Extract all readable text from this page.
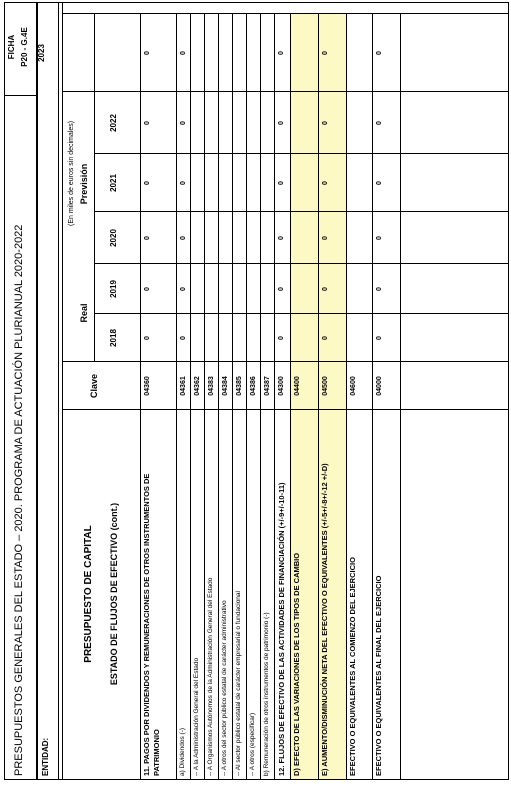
PRESUPUESTOS GENERALES DEL ESTADO – 2020. PROGRAMA DE ACTUACIÓN PLURIANUAL 2020-2022
FICHA P20 - G.4E
ENTIDAD:
(En miles de euros sin decimales)
PRESUPUESTO DE CAPITAL ESTADO DE FLUJOS DE EFECTIVO (cont.)
Clave
Real
Previsión
2018
2019
2020
2021
2022
2023
11. PAGOS POR DIVIDENDOS Y REMUNERACIONES DE OTROS INSTRUMENTOS DE PATRIMONIO
04360
0
0
0
0
0
0
a) Dividendos (-)
04361
0
0
0
0
0
0
-- A la Administración General del Estado
04362
-- A Organismos Autónomos de la Administración General del Estado
04383
-- A otros del sector público estatal de carácter administrativo
04384
-- Al sector público estatal de carácter empresarial o fundacional
04385
-- A otros (especificar)
04386
b) Remuneración de otros instrumentos de patrimonio (-)
04387
12. FLUJOS DE EFECTIVO DE LAS ACTIVIDADES DE FINANCIACIÓN (+/-9+/-10-11)
04300
0
0
0
0
0
0
D) EFECTO DE LAS VARIACIONES DE LOS TIPOS DE CAMBIO
04400
E) AUMENTO/DISMINUCIÓN NETA DEL EFECTIVO O EQUIVALENTES (+/-5+/-8+/-12 +/-D)
04500
0
0
0
0
0
0
EFECTIVO O EQUIVALENTES AL COMIENZO DEL EJERCICIO
04600
EFECTIVO O EQUIVALENTES AL FINAL DEL EJERCICIO
04000
0
0
0
0
0
0
